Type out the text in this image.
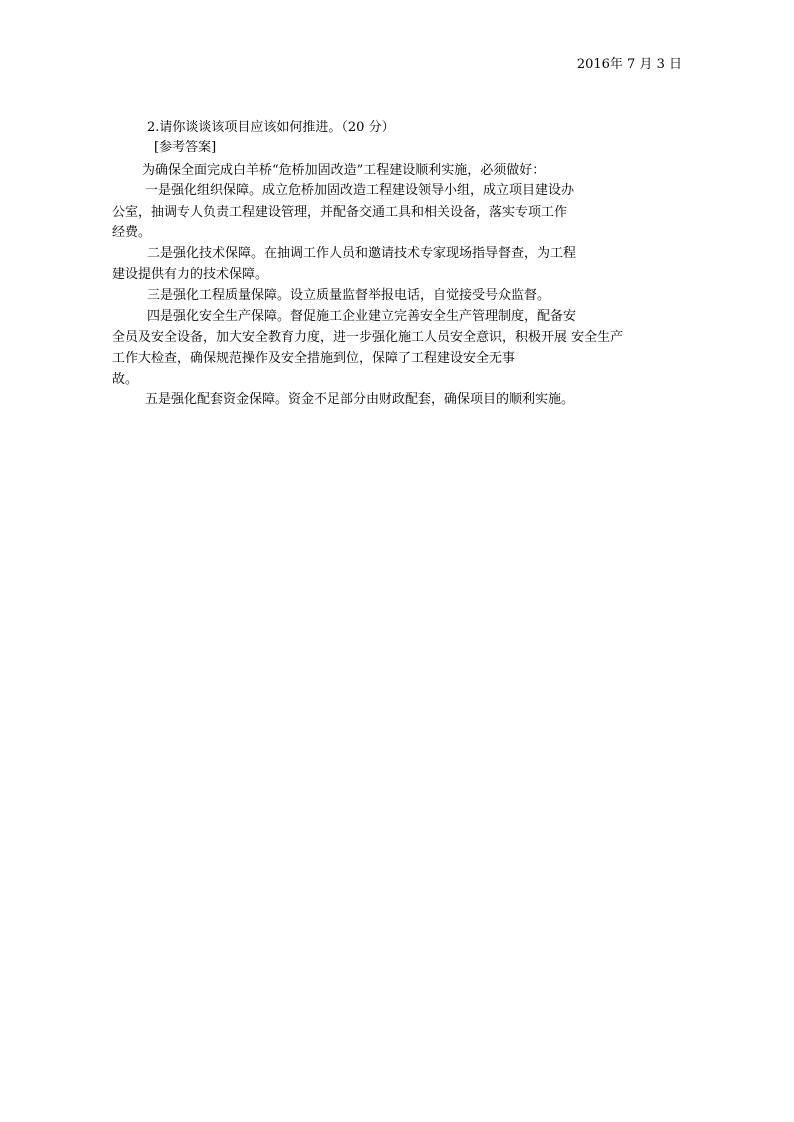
2016年 7 月 3 日
2.请你谈谈该项目应该如何推进。（20 分）
[参考答案]
为确保全面完成白羊桥“危桥加固改造”工程建设顺利实施，必须做好：
一是强化组织保障。成立危桥加固改造工程建设领导小组，成立项目建设办
公室，抽调专人负责工程建设管理，并配备交通工具和相关设备，落实专项工作
经费。
二是强化技术保障。在抽调工作人员和邀请技术专家现场指导督查，为工程
建设提供有力的技术保障。
三是强化工程质量保障。设立质量监督举报电话，自觉接受号众监督。
四是强化安全生产保障。督促施工企业建立完善安全生产管理制度，配备安
全员及安全设备，加大安全教育力度，进一步强化施工人员安全意识，积极开展 安全生产
工作大检查，确保规范操作及安全措施到位，保障了工程建设安全无事
故。
五是强化配套资金保障。资金不足部分由财政配套，确保项目的顺利实施。
